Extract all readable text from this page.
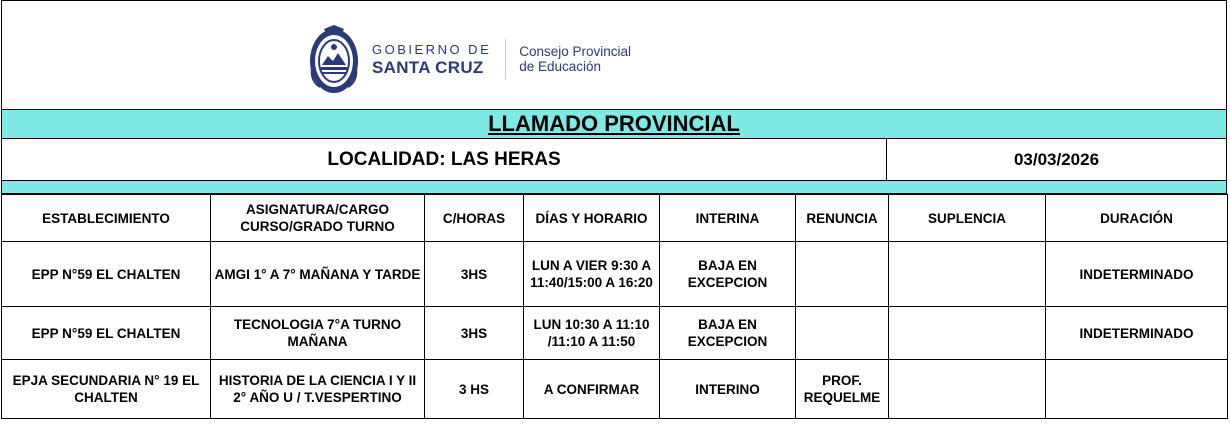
GOBIERNO DE
SANTA CRUZ
Consejo Provincial
de Educación
LLAMADO PROVINCIAL
LOCALIDAD: LAS HERAS	03/03/2026
ESTABLECIMIENTO	ASIGNATURA/CARGO CURSO/GRADO TURNO	C/HORAS	DÍAS Y HORARIO	INTERINA	RENUNCIA	SUPLENCIA	DURACIÓN
EPP N°59 EL CHALTEN	AMGI 1° A 7° MAÑANA Y TARDE	3HS	LUN A VIER 9:30 A 11:40/15:00 A 16:20	BAJA EN EXCEPCION			INDETERMINADO
EPP N°59 EL CHALTEN	TECNOLOGIA 7°A TURNO MAÑANA	3HS	LUN 10:30 A 11:10 /11:10 A 11:50	BAJA EN EXCEPCION			INDETERMINADO
EPJA SECUNDARIA N° 19 EL CHALTEN	HISTORIA DE LA CIENCIA I Y II 2° AÑO U / T.VESPERTINO	3 HS	A CONFIRMAR	INTERINO	PROF. REQUELME		
